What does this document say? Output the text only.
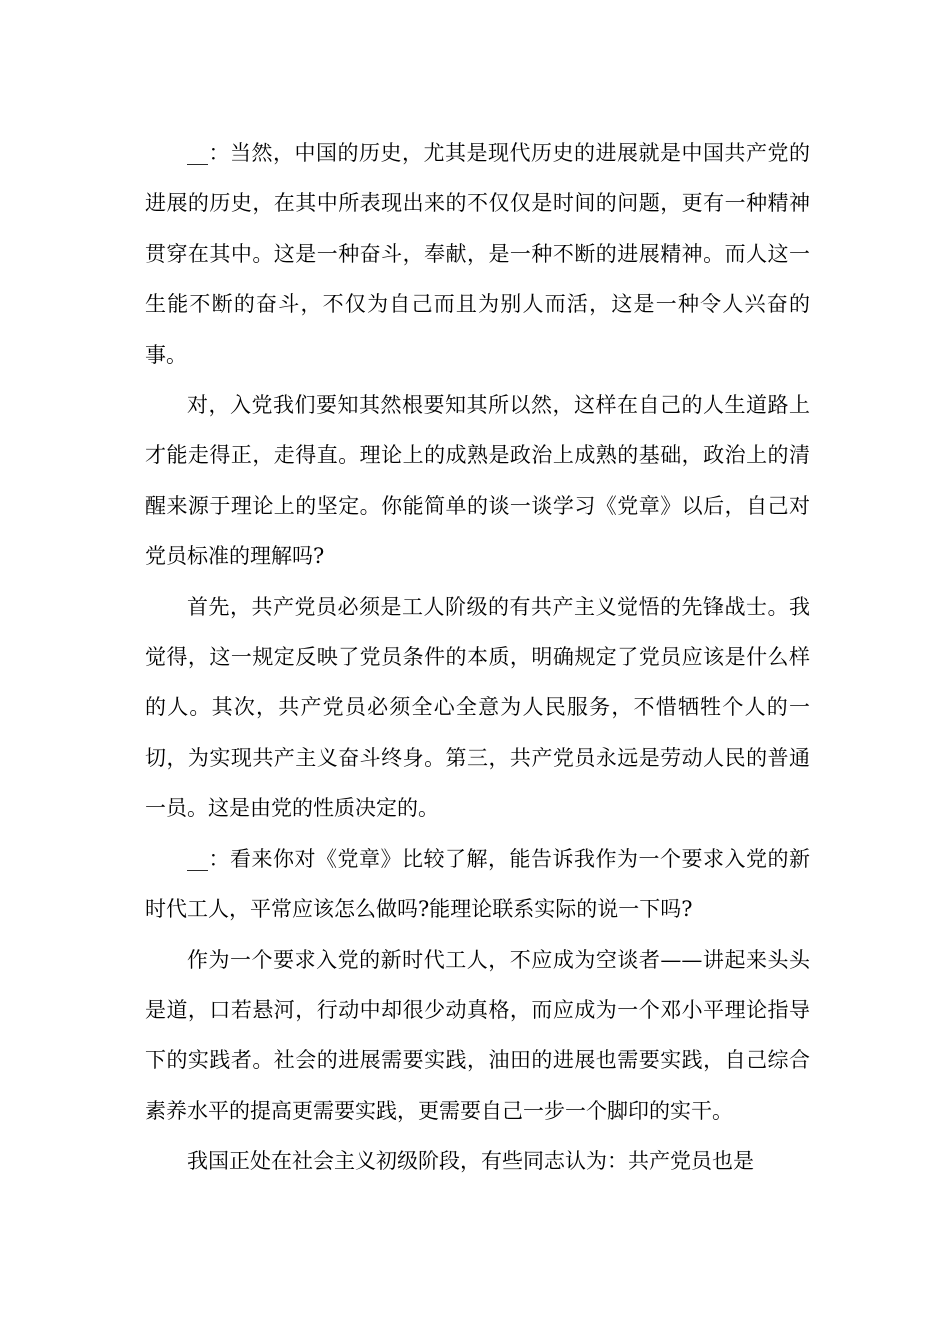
__：当然，中国的历史，尤其是现代历史的进展就是中国共产党的进展的历史，在其中所表现出来的不仅仅是时间的问题，更有一种精神贯穿在其中。这是一种奋斗，奉献，是一种不断的进展精神。而人这一生能不断的奋斗，不仅为自己而且为别人而活，这是一种令人兴奋的事。

对，入党我们要知其然根要知其所以然，这样在自己的人生道路上才能走得正，走得直。理论上的成熟是政治上成熟的基础，政治上的清醒来源于理论上的坚定。你能简单的谈一谈学习《党章》以后，自己对党员标准的理解吗?

首先，共产党员必须是工人阶级的有共产主义觉悟的先锋战士。我觉得，这一规定反映了党员条件的本质，明确规定了党员应该是什么样的人。其次，共产党员必须全心全意为人民服务，不惜牺牲个人的一切，为实现共产主义奋斗终身。第三，共产党员永远是劳动人民的普通一员。这是由党的性质决定的。

__：看来你对《党章》比较了解，能告诉我作为一个要求入党的新时代工人，平常应该怎么做吗?能理论联系实际的说一下吗?

作为一个要求入党的新时代工人，不应成为空谈者——讲起来头头是道，口若悬河，行动中却很少动真格，而应成为一个邓小平理论指导下的实践者。社会的进展需要实践，油田的进展也需要实践，自己综合素养水平的提高更需要实践，更需要自己一步一个脚印的实干。

我国正处在社会主义初级阶段，有些同志认为：共产党员也是
